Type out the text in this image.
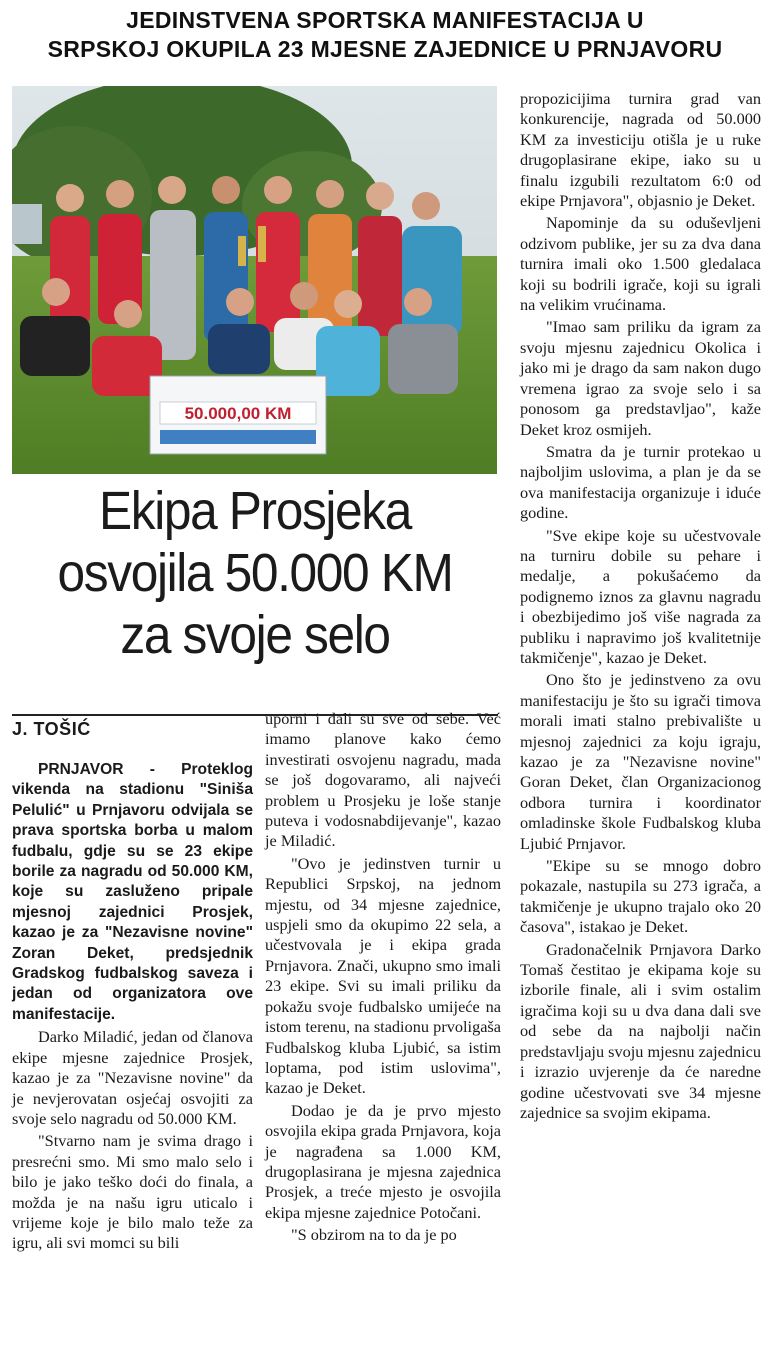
JEDINSTVENA SPORTSKA MANIFESTACIJA U
SRPSKOJ OKUPILA 23 MJESNE ZAJEDNICE U PRNJAVORU
50.000,00 KM
Ekipa Prosjeka
osvojila 50.000 KM
za svoje selo
J. TOŠIĆ

PRNJAVOR - Proteklog vikenda na stadionu "Siniša Pelulić" u Prnjavoru odvijala se prava sportska borba u malom fudbalu, gdje su se 23 ekipe borile za nagradu od 50.000 KM, koje su zasluženo pripale mjesnoj zajednici Prosjek, kazao je za "Nezavisne novine" Zoran Deket, predsjednik Gradskog fudbalskog saveza i jedan od organizatora ove manifestacije.

Darko Miladić, jedan od članova ekipe mjesne zajednice Prosjek, kazao je za "Nezavisne novine" da je nevjerovatan osjećaj osvojiti za svoje selo nagradu od 50.000 KM.

"Stvarno nam je svima drago i presrećni smo. Mi smo malo selo i bilo je jako teško doći do finala, a možda je na našu igru uticalo i vrijeme koje je bilo malo teže za igru, ali svi momci su bili

uporni i dali su sve od sebe. Već imamo planove kako ćemo investirati osvojenu nagradu, mada se još dogovaramo, ali najveći problem u Prosjeku je loše stanje puteva i vodosnabdijevanje", kazao je Miladić.

"Ovo je jedinstven turnir u Republici Srpskoj, na jednom mjestu, od 34 mjesne zajednice, uspjeli smo da okupimo 22 sela, a učestvovala je i ekipa grada Prnjavora. Znači, ukupno smo imali 23 ekipe. Svi su imali priliku da pokažu svoje fudbalsko umijeće na istom terenu, na stadionu prvoligaša Fudbalskog kluba Ljubić, sa istim loptama, pod istim uslovima", kazao je Deket.

Dodao je da je prvo mjesto osvojila ekipa grada Prnjavora, koja je nagrađena sa 1.000 KM, drugoplasirana je mjesna zajednica Prosjek, a treće mjesto je osvojila ekipa mjesne zajednice Potočani.

"S obzirom na to da je po

propozicijima turnira grad van konkurencije, nagrada od 50.000 KM za investiciju otišla je u ruke drugoplasirane ekipe, iako su u finalu izgubili rezultatom 6:0 od ekipe Prnjavora", objasnio je Deket.

Napominje da su oduševljeni odzivom publike, jer su za dva dana turnira imali oko 1.500 gledalaca koji su bodrili igrače, koji su igrali na velikim vrućinama.

"Imao sam priliku da igram za svoju mjesnu zajednicu Okolica i jako mi je drago da sam nakon dugo vremena igrao za svoje selo i sa ponosom ga predstavljao", kaže Deket kroz osmijeh.

Smatra da je turnir protekao u najboljim uslovima, a plan je da se ova manifestacija organizuje i iduće godine.

"Sve ekipe koje su učestvovale na turniru dobile su pehare i medalje, a pokušaćemo da podignemo iznos za glavnu nagradu i obezbijedimo još više nagrada za publiku i napravimo još kvalitetnije takmičenje", kazao je Deket.

Ono što je jedinstveno za ovu manifestaciju je što su igrači timova morali imati stalno prebivalište u mjesnoj zajednici za koju igraju, kazao je za "Nezavisne novine" Goran Deket, član Organizacionog odbora turnira i koordinator omladinske škole Fudbalskog kluba Ljubić Prnjavor.

"Ekipe su se mnogo dobro pokazale, nastupila su 273 igrača, a takmičenje je ukupno trajalo oko 20 časova", istakao je Deket.

Gradonačelnik Prnjavora Darko Tomaš čestitao je ekipama koje su izborile finale, ali i svim ostalim igračima koji su u dva dana dali sve od sebe da na najbolji način predstavljaju svoju mjesnu zajednicu i izrazio uvjerenje da će naredne godine učestvovati sve 34 mjesne zajednice sa svojim ekipama.
